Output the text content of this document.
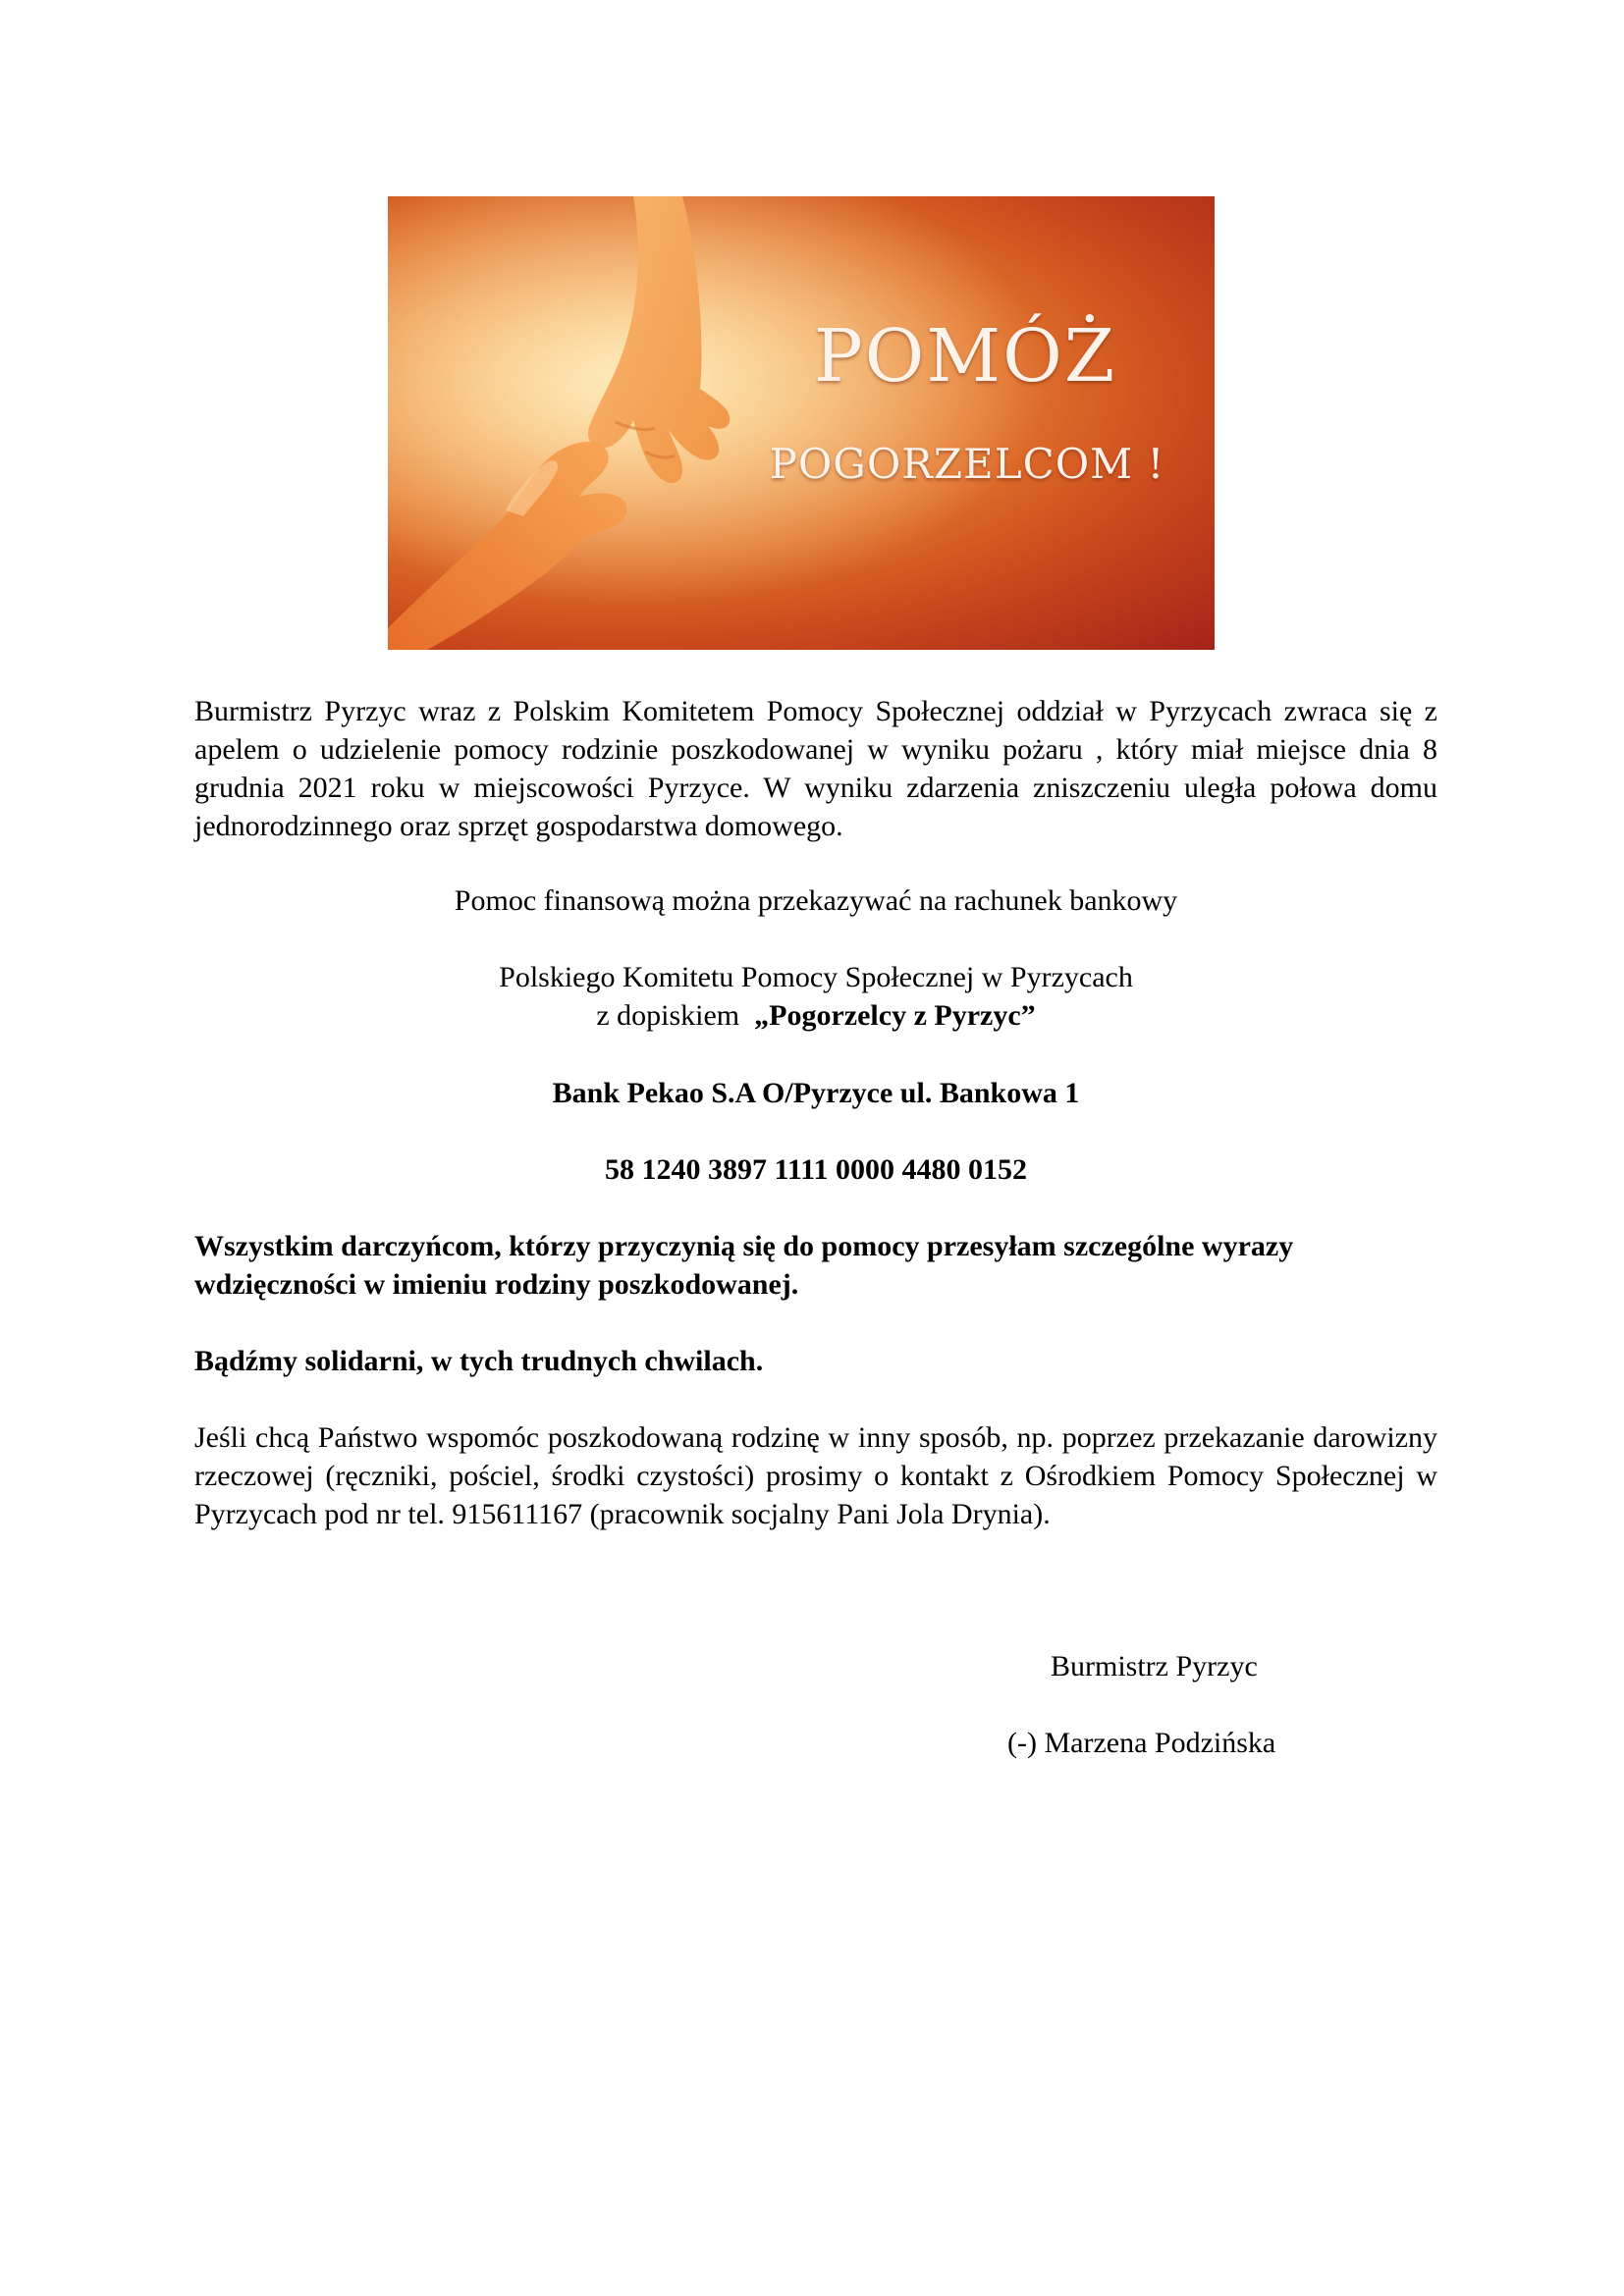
POMÓŻ
POGORZELCOM !

Burmistrz Pyrzyc wraz z Polskim Komitetem Pomocy Społecznej oddział w Pyrzycach zwraca się z apelem o udzielenie pomocy rodzinie poszkodowanej w wyniku pożaru , który miał miejsce dnia 8 grudnia 2021 roku w miejscowości Pyrzyce. W wyniku zdarzenia zniszczeniu uległa połowa domu jednorodzinnego oraz sprzęt gospodarstwa domowego.

Pomoc finansową można przekazywać na rachunek bankowy

Polskiego Komitetu Pomocy Społecznej w Pyrzycach
z dopiskiem  „Pogorzelcy z Pyrzyc”

Bank Pekao S.A O/Pyrzyce ul. Bankowa 1

58 1240 3897 1111 0000 4480 0152

Wszystkim darczyńcom, którzy przyczynią się do pomocy przesyłam szczególne wyrazy wdzięczności w imieniu rodziny poszkodowanej.

Bądźmy solidarni, w tych trudnych chwilach.

Jeśli chcą Państwo wspomóc poszkodowaną rodzinę w inny sposób, np. poprzez przekazanie darowizny rzeczowej (ręczniki, pościel, środki czystości) prosimy o kontakt z Ośrodkiem Pomocy Społecznej w Pyrzycach pod nr tel. 915611167 (pracownik socjalny Pani Jola Drynia).

Burmistrz Pyrzyc
(-) Marzena Podzińska
